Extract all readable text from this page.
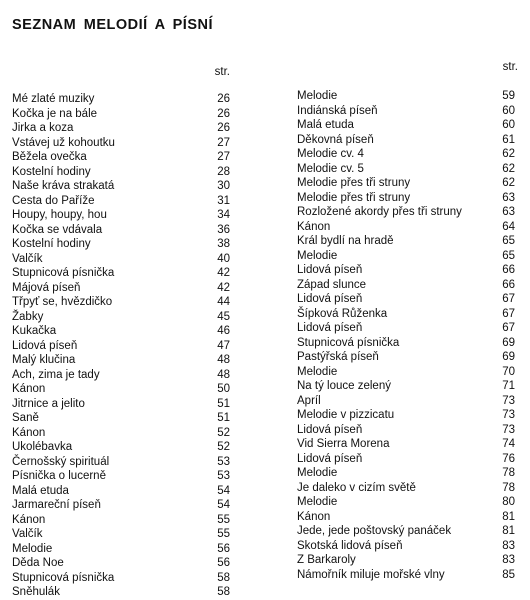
SEZNAM MELODIÍ A PÍSNÍ
str.
Mé zlaté muziky	26
Kočka je na bále	26
Jirka a koza	26
Vstávej už kohoutku	27
Běžela ovečka	27
Kostelní hodiny	28
Naše kráva strakatá	30
Cesta do Paříže	31
Houpy, houpy, hou	34
Kočka se vdávala	36
Kostelní hodiny	38
Valčík	40
Stupnicová písnička	42
Májová píseň	42
Třpyť se, hvězdičko	44
Žabky	45
Kukačka	46
Lidová píseň	47
Malý klučina	48
Ach, zima je tady	48
Kánon	50
Jitrnice a jelito	51
Saně	51
Kánon	52
Ukolébavka	52
Černošský spirituál	53
Písnička o lucerně	53
Malá etuda	54
Jarmareční píseň	54
Kánon	55
Valčík	55
Melodie	56
Děda Noe	56
Stupnicová písnička	58
Sněhulák	58
str.
Melodie	59
Indiánská píseň	60
Malá etuda	60
Děkovná píseň	61
Melodie cv. 4	62
Melodie cv. 5	62
Melodie přes tři struny	62
Melodie přes tři struny	63
Rozložené akordy přes tři struny	63
Kánon	64
Král bydlí na hradě	65
Melodie	65
Lidová píseň	66
Západ slunce	66
Lidová píseň	67
Šípková Růženka	67
Lidová píseň	67
Stupnicová písnička	69
Pastýřská píseň	69
Melodie	70
Na tý louce zelený	71
Apríl	73
Melodie v pizzicatu	73
Lidová píseň	73
Vid Sierra Morena	74
Lidová píseň	76
Melodie	78
Je daleko v cizím světě	78
Melodie	80
Kánon	81
Jede, jede poštovský panáček	81
Skotská lidová píseň	83
Z Barkaroly	83
Námořník miluje mořské vlny	85
